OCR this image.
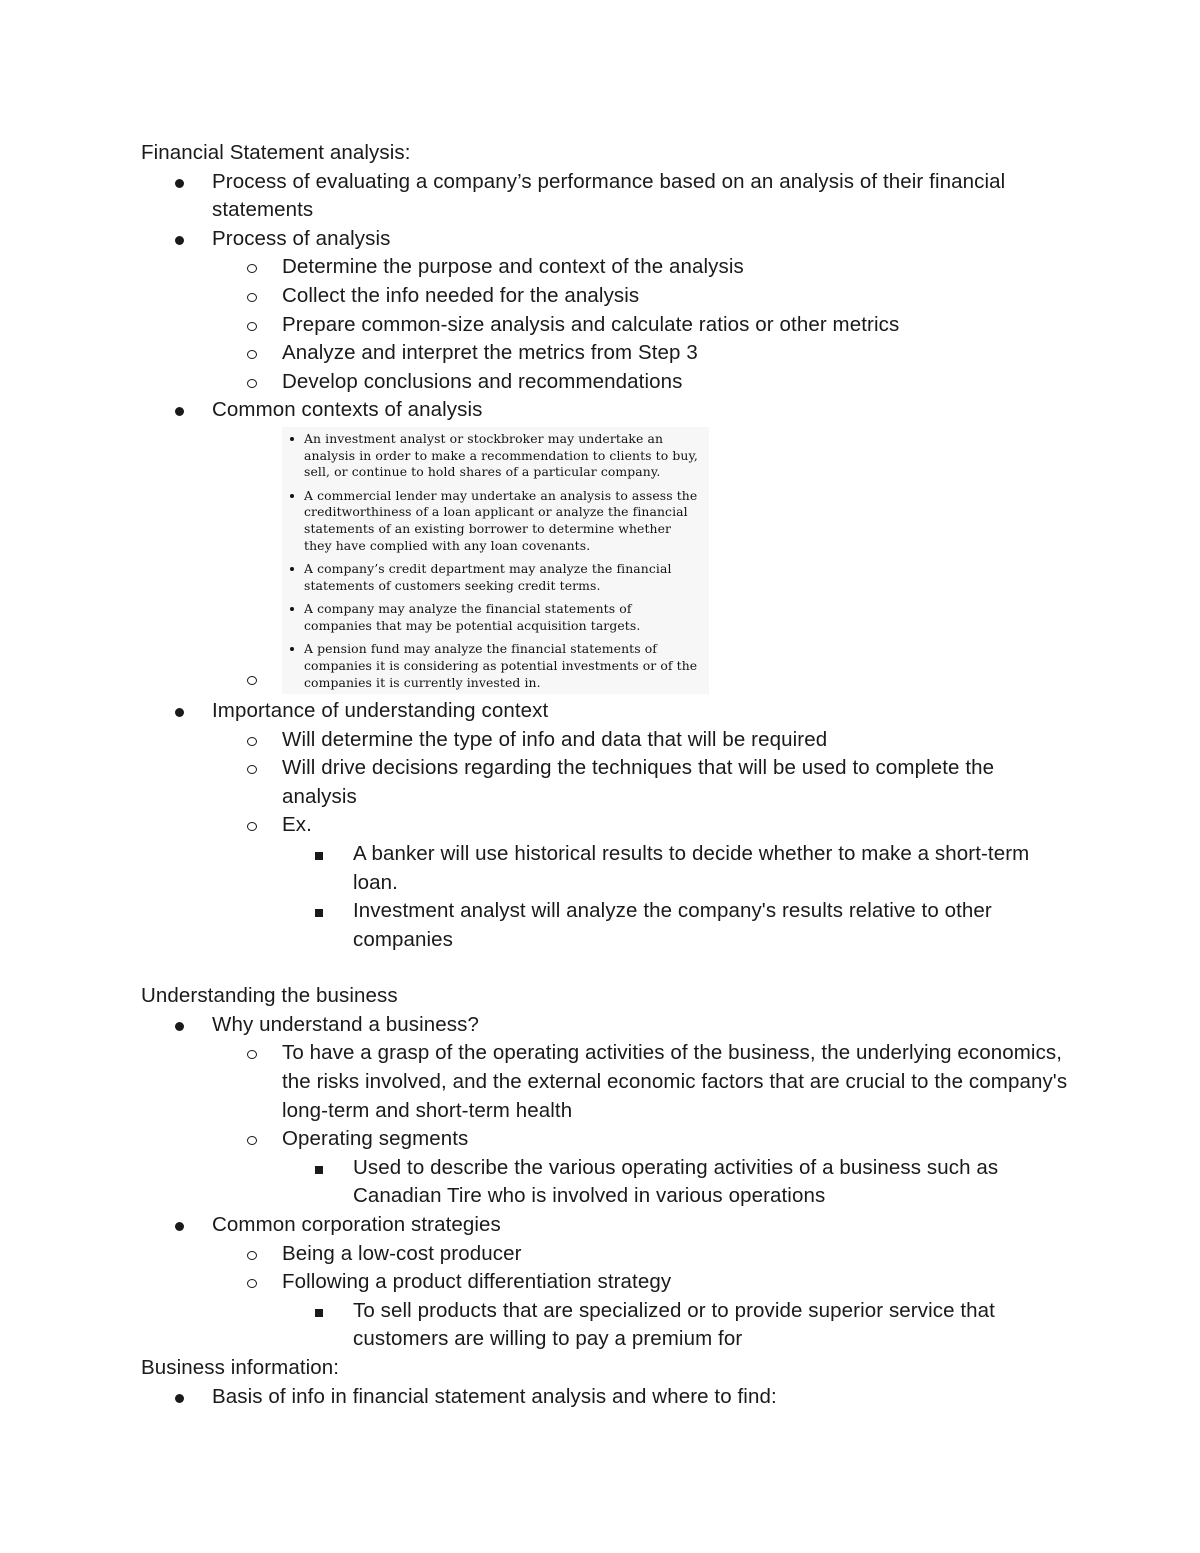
Financial Statement analysis:

Process of evaluating a company’s performance based on an analysis of their financial statements
Process of analysis
Determine the purpose and context of the analysis
Collect the info needed for the analysis
Prepare common-size analysis and calculate ratios or other metrics
Analyze and interpret the metrics from Step 3
Develop conclusions and recommendations
Common contexts of analysis
An investment analyst or stockbroker may undertake an analysis in order to make a recommendation to clients to buy, sell, or continue to hold shares of a particular company.
A commercial lender may undertake an analysis to assess the creditworthiness of a loan applicant or analyze the financial statements of an existing borrower to determine whether they have complied with any loan covenants.
A company’s credit department may analyze the financial statements of customers seeking credit terms.
A company may analyze the financial statements of companies that may be potential acquisition targets.
A pension fund may analyze the financial statements of companies it is considering as potential investments or of the companies it is currently invested in.
Importance of understanding context
Will determine the type of info and data that will be required
Will drive decisions regarding the techniques that will be used to complete the analysis
Ex.
A banker will use historical results to decide whether to make a short-term loan.
Investment analyst will analyze the company's results relative to other companies

Understanding the business

Why understand a business?
To have a grasp of the operating activities of the business, the underlying economics, the risks involved, and the external economic factors that are crucial to the company's long-term and short-term health
Operating segments
Used to describe the various operating activities of a business such as Canadian Tire who is involved in various operations
Common corporation strategies
Being a low-cost producer
Following a product differentiation strategy
To sell products that are specialized or to provide superior service that customers are willing to pay a premium for

Business information:

Basis of info in financial statement analysis and where to find:
